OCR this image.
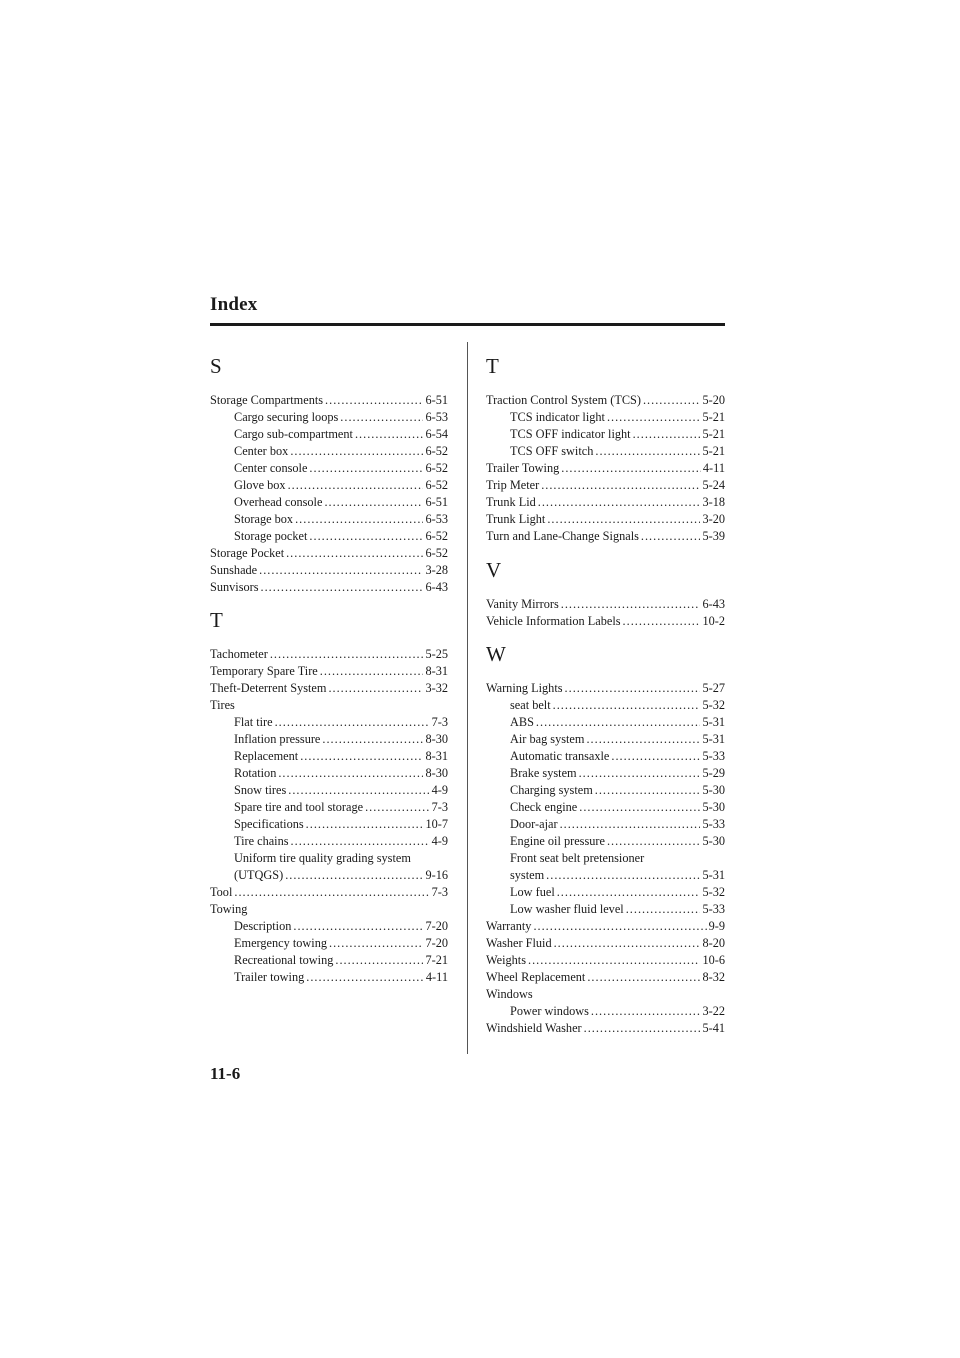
Index
S
Storage Compartments .....	6-51
Cargo securing loops .....	6-53
Cargo sub-compartment .....	6-54
Center box .....	6-52
Center console .....	6-52
Glove box .....	6-52
Overhead console .....	6-51
Storage box .....	6-53
Storage pocket .....	6-52
Storage Pocket .....	6-52
Sunshade .....	3-28
Sunvisors .....	6-43
T
Tachometer .....	5-25
Temporary Spare Tire .....	8-31
Theft-Deterrent System .....	3-32
Tires
Flat tire .....	7-3
Inflation pressure .....	8-30
Replacement .....	8-31
Rotation .....	8-30
Snow tires .....	4-9
Spare tire and tool storage .....	7-3
Specifications .....	10-7
Tire chains .....	4-9
Uniform tire quality grading system
(UTQGS) .....	9-16
Tool .....	7-3
Towing
Description .....	7-20
Emergency towing .....	7-20
Recreational towing .....	7-21
Trailer towing .....	4-11
T
Traction Control System (TCS) .....	5-20
TCS indicator light .....	5-21
TCS OFF indicator light .....	5-21
TCS OFF switch .....	5-21
Trailer Towing .....	4-11
Trip Meter .....	5-24
Trunk Lid .....	3-18
Trunk Light .....	3-20
Turn and Lane-Change Signals .....	5-39
V
Vanity Mirrors .....	6-43
Vehicle Information Labels .....	10-2
W
Warning Lights .....	5-27
seat belt .....	5-32
ABS .....	5-31
Air bag system .....	5-31
Automatic transaxle .....	5-33
Brake system .....	5-29
Charging system .....	5-30
Check engine .....	5-30
Door-ajar .....	5-33
Engine oil pressure .....	5-30
Front seat belt pretensioner
system .....	5-31
Low fuel .....	5-32
Low washer fluid level .....	5-33
Warranty .....	9-9
Washer Fluid .....	8-20
Weights .....	10-6
Wheel Replacement .....	8-32
Windows
Power windows .....	3-22
Windshield Washer .....	5-41
11-6
